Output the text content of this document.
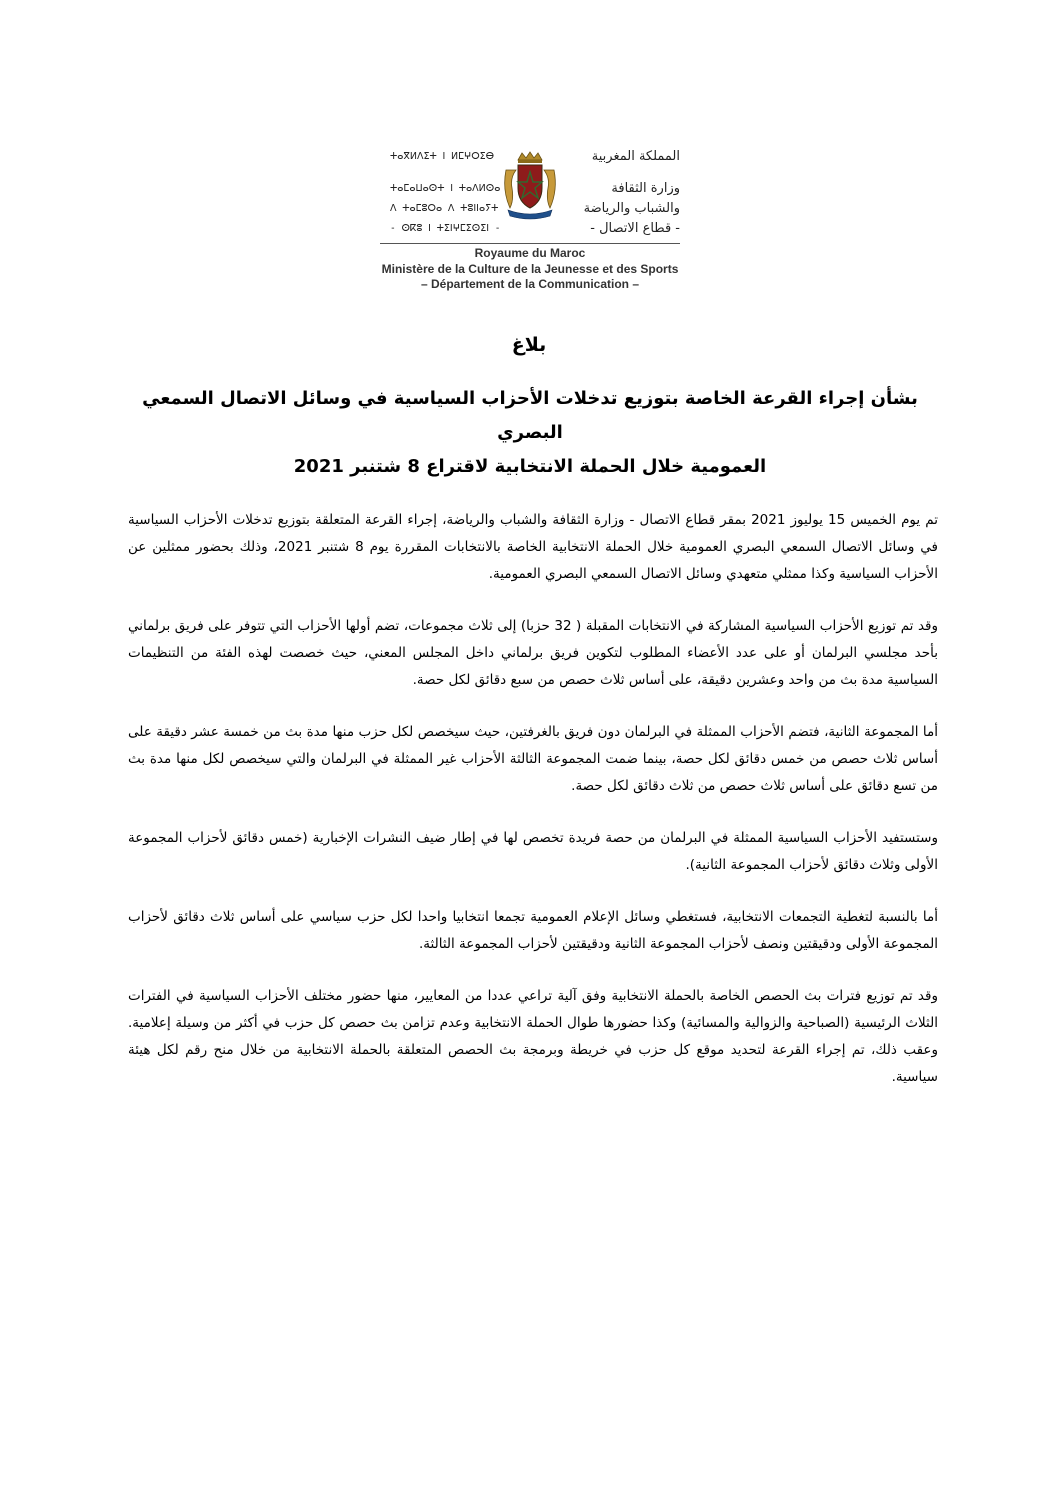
ⵜⴰⴳⵍⴷⵉⵜ ⵏ ⵍⵎⵖⵔⵉⴱ
ⵜⴰⵎⴰⵡⴰⵙⵜ ⵏ ⵜⴰⴷⵍⵙⴰ
ⴷ ⵜⴰⵎⵓⵔⴰ ⴷ ⵜⵓⵏⵏⴰⵢⵜ
- ⵙⴽⵓ ⵏ ⵜⵉⵏⵖⵎⵉⵙⵉⵏ -
المملكة المغربية
وزارة الثقافة
والشباب والرياضة
- قطاع الاتصال -
Royaume du Maroc
Ministère de la Culture de la Jeunesse et des Sports
– Département de la Communication –
بلاغ
بشأن إجراء القرعة الخاصة بتوزيع تدخلات الأحزاب السياسية في وسائل الاتصال السمعي البصري
العمومية خلال الحملة الانتخابية لاقتراع 8 شتنبر 2021

تم يوم الخميس 15 يوليوز 2021 بمقر قطاع الاتصال - وزارة الثقافة والشباب والرياضة، إجراء القرعة المتعلقة بتوزيع تدخلات الأحزاب السياسية في وسائل الاتصال السمعي البصري العمومية خلال الحملة الانتخابية الخاصة بالانتخابات المقررة يوم 8 شتنبر 2021، وذلك بحضور ممثلين عن الأحزاب السياسية وكذا ممثلي متعهدي وسائل الاتصال السمعي البصري العمومية.

وقد تم توزيع الأحزاب السياسية المشاركة في الانتخابات المقبلة ( 32 حزبا) إلى ثلاث مجموعات، تضم أولها الأحزاب التي تتوفر على فريق برلماني بأحد مجلسي البرلمان أو على عدد الأعضاء المطلوب لتكوين فريق برلماني داخل المجلس المعني، حيث خصصت لهذه الفئة من التنظيمات السياسية مدة بث من واحد وعشرين دقيقة، على أساس ثلاث حصص من سبع دقائق لكل حصة.

أما المجموعة الثانية، فتضم الأحزاب الممثلة في البرلمان دون فريق بالغرفتين، حيث سيخصص لكل حزب منها مدة بث من خمسة عشر دقيقة على أساس ثلاث حصص من خمس دقائق لكل حصة، بينما ضمت المجموعة الثالثة الأحزاب غير الممثلة في البرلمان والتي سيخصص لكل منها مدة بث من تسع دقائق على أساس ثلاث حصص من ثلاث دقائق لكل حصة.

وستستفيد الأحزاب السياسية الممثلة في البرلمان من حصة فريدة تخصص لها في إطار ضيف النشرات الإخبارية (خمس دقائق لأحزاب المجموعة الأولى وثلاث دقائق لأحزاب المجموعة الثانية).

أما بالنسبة لتغطية التجمعات الانتخابية، فستغطي وسائل الإعلام العمومية تجمعا انتخابيا واحدا لكل حزب سياسي على أساس ثلاث دقائق لأحزاب المجموعة الأولى ودقيقتين ونصف لأحزاب المجموعة الثانية ودقيقتين لأحزاب المجموعة الثالثة.

وقد تم توزيع فترات بث الحصص الخاصة بالحملة الانتخابية وفق آلية تراعي عددا من المعايير، منها حضور مختلف الأحزاب السياسية في الفترات الثلاث الرئيسية (الصباحية والزوالية والمسائية) وكذا حضورها طوال الحملة الانتخابية وعدم تزامن بث حصص كل حزب في أكثر من وسيلة إعلامية. وعقب ذلك، تم إجراء القرعة لتحديد موقع كل حزب في خريطة وبرمجة بث الحصص المتعلقة بالحملة الانتخابية من خلال منح رقم لكل هيئة سياسية.
